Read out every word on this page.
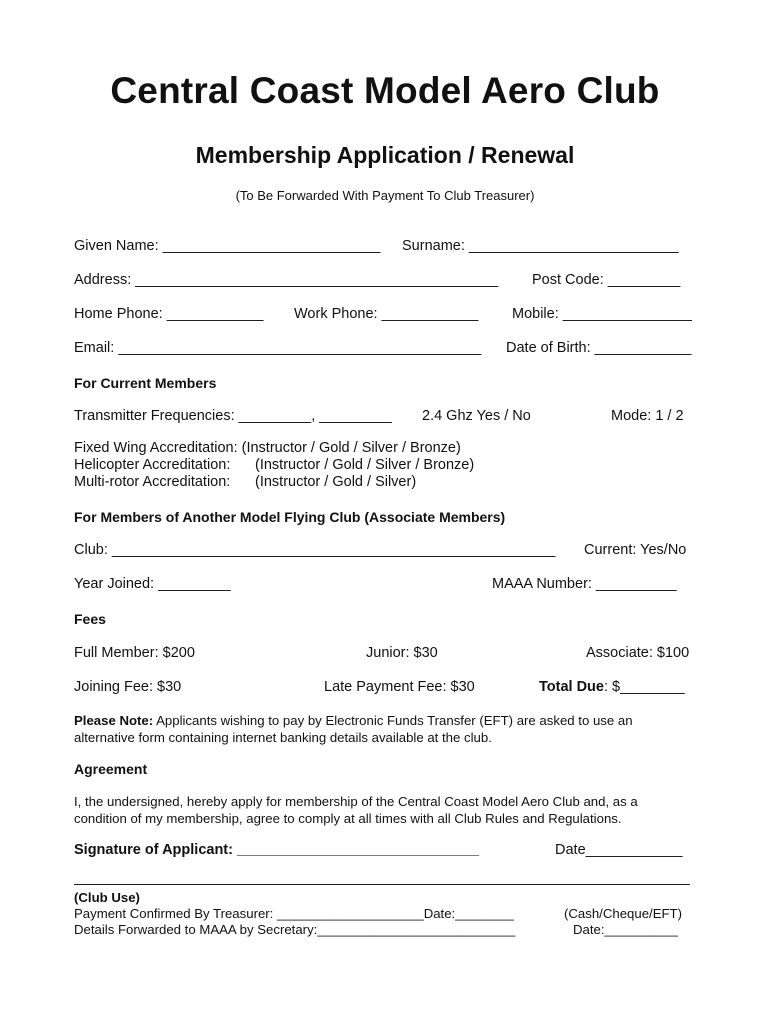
Central Coast Model Aero Club
Membership Application / Renewal
(To Be Forwarded With Payment To Club Treasurer)
Given Name: ___________________________ Surname: __________________________
Address: _____________________________________________ Post Code: _________
Home Phone: ____________ Work Phone: ____________ Mobile: ________________
Email: _____________________________________________ Date of Birth: ____________
For Current Members
Transmitter Frequencies: _________, _________ 2.4 Ghz Yes / No	Mode: 1 / 2
Fixed Wing Accreditation: (Instructor / Gold / Silver / Bronze)
Helicopter Accreditation: (Instructor / Gold / Silver / Bronze)
Multi-rotor Accreditation: (Instructor / Gold / Silver)
For Members of Another Model Flying Club (Associate Members)
Club: _______________________________________________________ Current: Yes/No
Year Joined: _________	MAAA Number: __________
Fees
Full Member: $200	Junior: $30	Associate: $100
Joining Fee: $30	Late Payment Fee: $30	Total Due: $________
Please Note: Applicants wishing to pay by Electronic Funds Transfer (EFT) are asked to use an alternative form containing internet banking details available at the club.
Agreement
I, the undersigned, hereby apply for membership of the Central Coast Model Aero Club and, as a condition of my membership, agree to comply at all times with all Club Rules and Regulations.
Signature of Applicant: ______________________________	Date____________
(Club Use)
Payment Confirmed By Treasurer: ____________________Date:________	(Cash/Cheque/EFT)
Details Forwarded to MAAA by Secretary:___________________________	Date:__________
